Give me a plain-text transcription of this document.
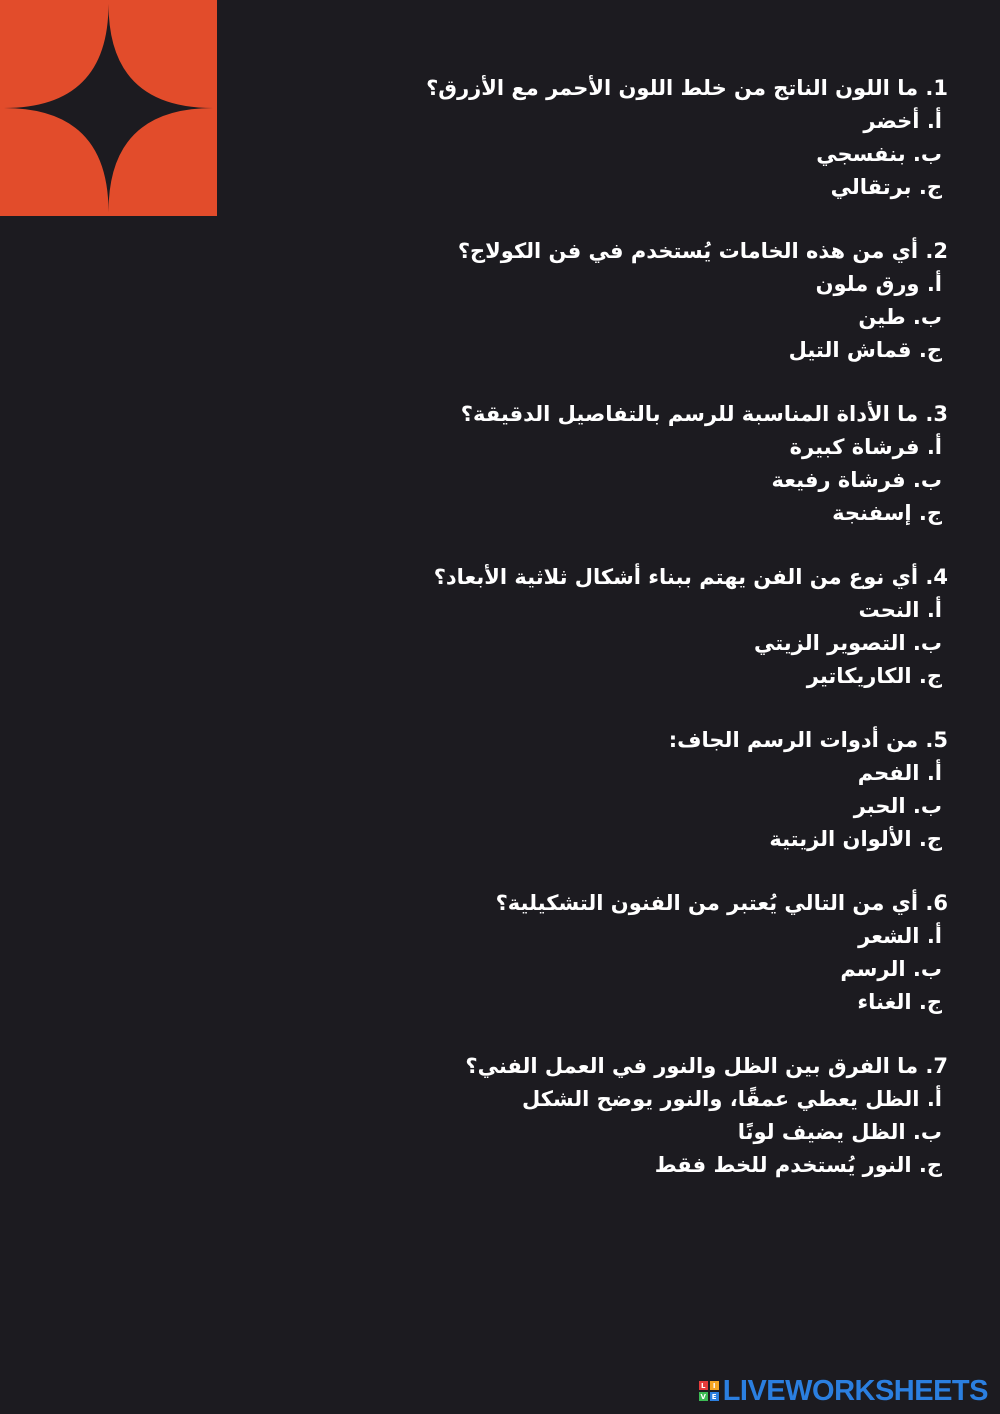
1. ما اللون الناتج من خلط اللون الأحمر مع الأزرق؟
أ. أخضر
ب. بنفسجي
ج. برتقالي
2. أي من هذه الخامات يُستخدم في فن الكولاج؟
أ. ورق ملون
ب. طين
ج. قماش التيل
3. ما الأداة المناسبة للرسم بالتفاصيل الدقيقة؟
أ. فرشاة كبيرة
ب. فرشاة رفيعة
ج. إسفنجة
4. أي نوع من الفن يهتم ببناء أشكال ثلاثية الأبعاد؟
أ. النحت
ب. التصوير الزيتي
ج. الكاريكاتير
5. من أدوات الرسم الجاف:
أ. الفحم
ب. الحبر
ج. الألوان الزيتية
6. أي من التالي يُعتبر من الفنون التشكيلية؟
أ. الشعر
ب. الرسم
ج. الغناء
7. ما الفرق بين الظل والنور في العمل الفني؟
أ. الظل يعطي عمقًا، والنور يوضح الشكل
ب. الظل يضيف لونًا
ج. النور يُستخدم للخط فقط
L	I
V E LIVEWORKSHEETS
